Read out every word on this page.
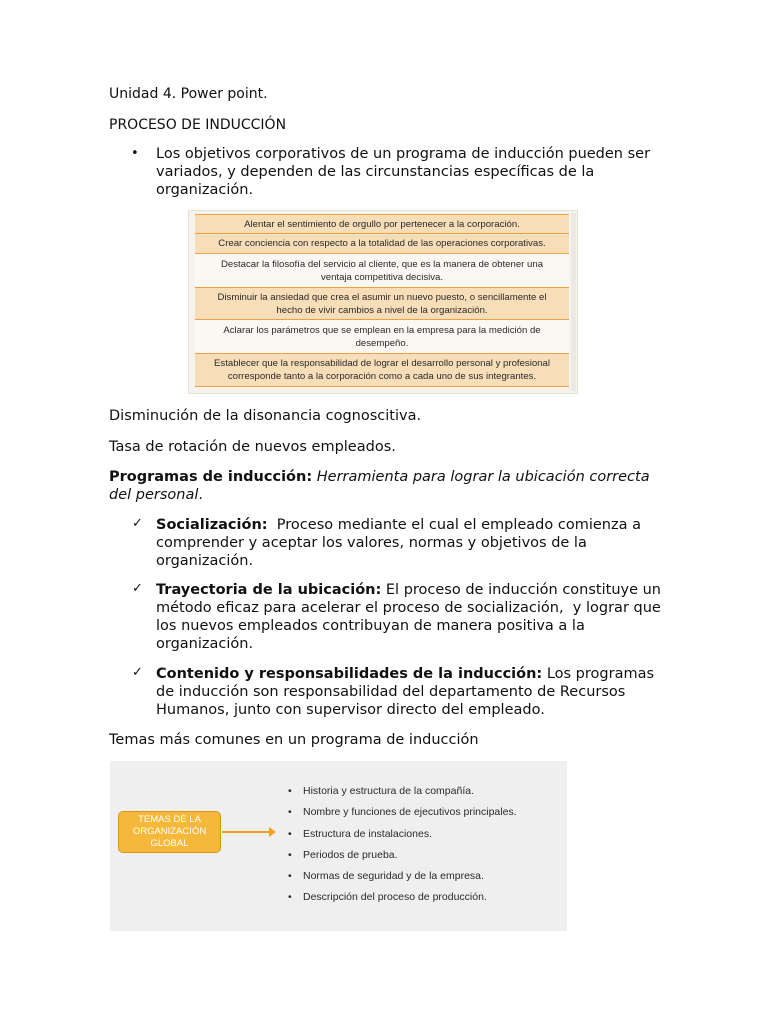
Unidad 4. Power point.
PROCESO DE INDUCCIÓN
• Los objetivos corporativos de un programa de inducción pueden ser
variados, y dependen de las circunstancias específicas de la
organización.
Alentar el sentimiento de orgullo por pertenecer a la corporación.
Crear conciencia con respecto a la totalidad de las operaciones corporativas.
Destacar la filosofía del servicio al cliente, que es la manera de obtener una
ventaja competitiva decisiva.
Disminuir la ansiedad que crea el asumir un nuevo puesto, o sencillamente el
hecho de vivir cambios a nivel de la organización.
Aclarar los parámetros que se emplean en la empresa para la medición de
desempeño.
Establecer que la responsabilidad de lograr el desarrollo personal y profesional
corresponde tanto a la corporación como a cada uno de sus integrantes.
Disminución de la disonancia cognoscitiva.
Tasa de rotación de nuevos empleados.
Programas de inducción: Herramienta para lograr la ubicación correcta
del personal.
✓ Socialización:  Proceso mediante el cual el empleado comienza a
comprender y aceptar los valores, normas y objetivos de la
organización.
✓ Trayectoria de la ubicación: El proceso de inducción constituye un
método eficaz para acelerar el proceso de socialización,  y lograr que
los nuevos empleados contribuyan de manera positiva a la
organización.
✓ Contenido y responsabilidades de la inducción: Los programas
de inducción son responsabilidad del departamento de Recursos
Humanos, junto con supervisor directo del empleado.
Temas más comunes en un programa de inducción
TEMAS DE LA
ORGANIZACIÓN
GLOBAL
• Historia y estructura de la compañía.
• Nombre y funciones de ejecutivos principales.
• Estructura de instalaciones.
• Periodos de prueba.
• Normas de seguridad y de la empresa.
• Descripción del proceso de producción.
